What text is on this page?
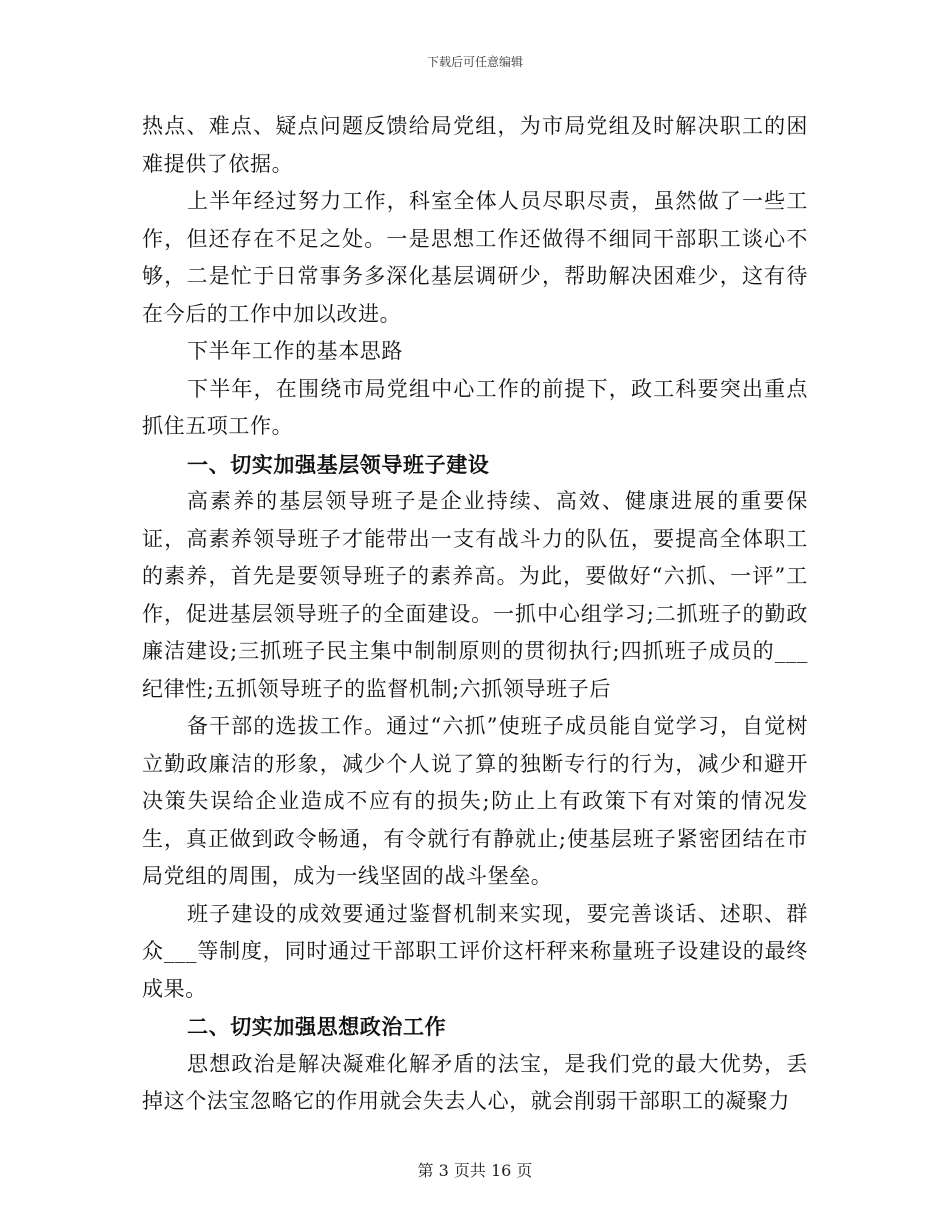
下载后可任意编辑

热点、难点、疑点问题反馈给局党组，为市局党组及时解决职工的困难提供了依据。

上半年经过努力工作，科室全体人员尽职尽责，虽然做了一些工作，但还存在不足之处。一是思想工作还做得不细同干部职工谈心不够，二是忙于日常事务多深化基层调研少，帮助解决困难少，这有待在今后的工作中加以改进。

下半年工作的基本思路

下半年，在围绕市局党组中心工作的前提下，政工科要突出重点抓住五项工作。

一、切实加强基层领导班子建设

高素养的基层领导班子是企业持续、高效、健康进展的重要保证，高素养领导班子才能带出一支有战斗力的队伍，要提高全体职工的素养，首先是要领导班子的素养高。为此，要做好“六抓、一评”工作，促进基层领导班子的全面建设。一抓中心组学习;二抓班子的勤政廉洁建设;三抓班子民主集中制制原则的贯彻执行;四抓班子成员的___纪律性;五抓领导班子的监督机制;六抓领导班子后

备干部的选拔工作。通过“六抓”使班子成员能自觉学习，自觉树立勤政廉洁的形象，减少个人说了算的独断专行的行为，减少和避开决策失误给企业造成不应有的损失;防止上有政策下有对策的情况发生，真正做到政令畅通，有令就行有静就止;使基层班子紧密团结在市局党组的周围，成为一线坚固的战斗堡垒。

班子建设的成效要通过鉴督机制来实现，要完善谈话、述职、群众___等制度，同时通过干部职工评价这杆秤来称量班子设建设的最终成果。

二、切实加强思想政治工作

思想政治是解决凝难化解矛盾的法宝，是我们党的最大优势，丢掉这个法宝忽略它的作用就会失去人心，就会削弱干部职工的凝聚力

第 3 页共 16 页
